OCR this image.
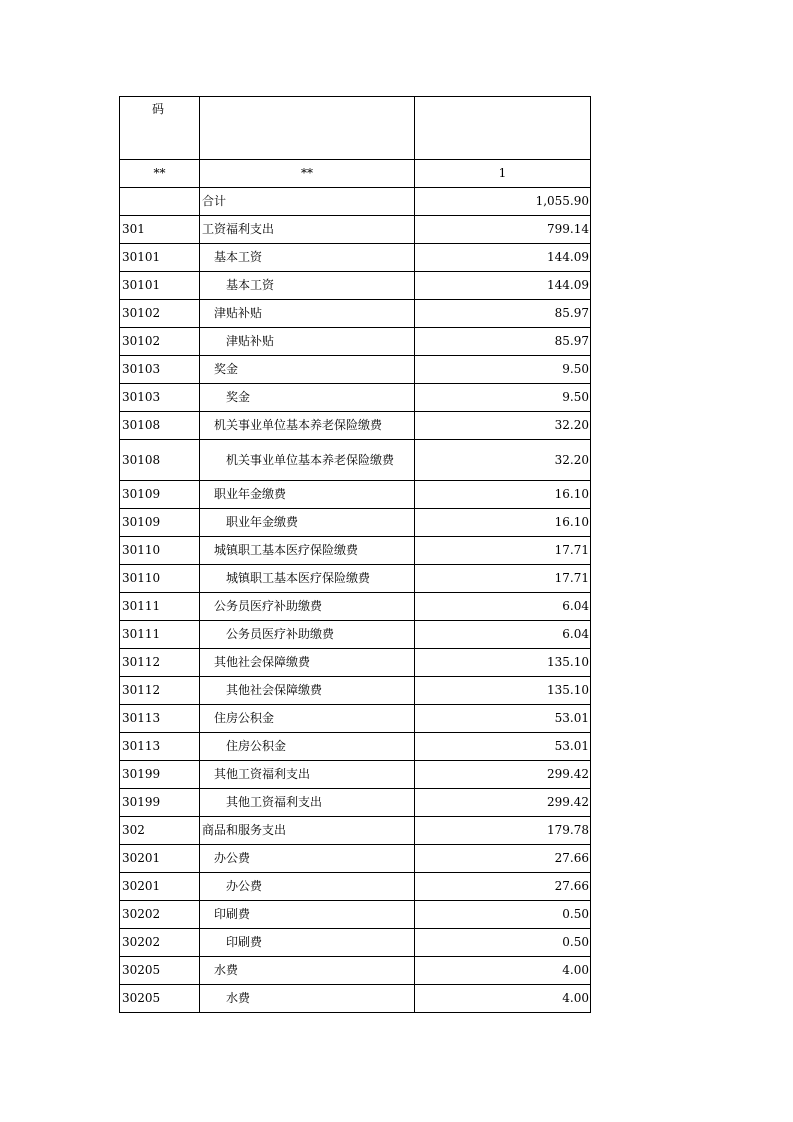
码		
**	**	1
	合计	1,055.90
301	工资福利支出	799.14
30101	基本工资	144.09
30101	基本工资	144.09
30102	津贴补贴	85.97
30102	津贴补贴	85.97
30103	奖金	9.50
30103	奖金	9.50
30108	机关事业单位基本养老保险缴费	32.20
30108	机关事业单位基本养老保险缴费	32.20
30109	职业年金缴费	16.10
30109	职业年金缴费	16.10
30110	城镇职工基本医疗保险缴费	17.71
30110	城镇职工基本医疗保险缴费	17.71
30111	公务员医疗补助缴费	6.04
30111	公务员医疗补助缴费	6.04
30112	其他社会保障缴费	135.10
30112	其他社会保障缴费	135.10
30113	住房公积金	53.01
30113	住房公积金	53.01
30199	其他工资福利支出	299.42
30199	其他工资福利支出	299.42
302	商品和服务支出	179.78
30201	办公费	27.66
30201	办公费	27.66
30202	印刷费	0.50
30202	印刷费	0.50
30205	水费	4.00
30205	水费	4.00
